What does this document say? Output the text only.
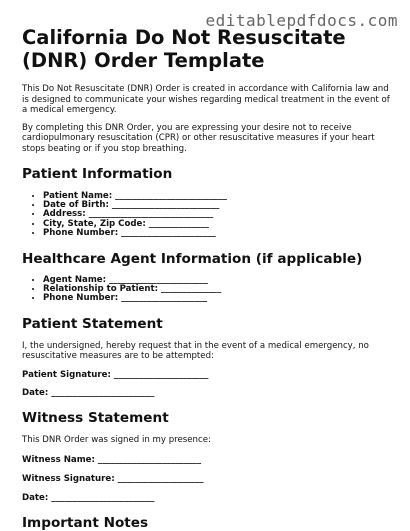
editablepdfdocs.com
California Do Not Resuscitate (DNR) Order Template

This Do Not Resuscitate (DNR) Order is created in accordance with California law and is designed to communicate your wishes regarding medical treatment in the event of a medical emergency.

By completing this DNR Order, you are expressing your desire not to receive cardiopulmonary resuscitation (CPR) or other resuscitative measures if your heart stops beating or if you stop breathing.

Patient Information
• Patient Name: __________________________
• Date of Birth: _________________________
• Address: _____________________________
• City, State, Zip Code: ______________
• Phone Number: ______________________
Healthcare Agent Information (if applicable)
• Agent Name: _______________________
• Relationship to Patient: ______________
• Phone Number: ____________________
Patient Statement

I, the undersigned, hereby request that in the event of a medical emergency, no resuscitative measures are to be attempted:

Patient Signature: ______________________
Date: ________________________
Witness Statement

This DNR Order was signed in my presence:

Witness Name: ________________________
Witness Signature: ____________________
Date: ________________________
Important Notes
